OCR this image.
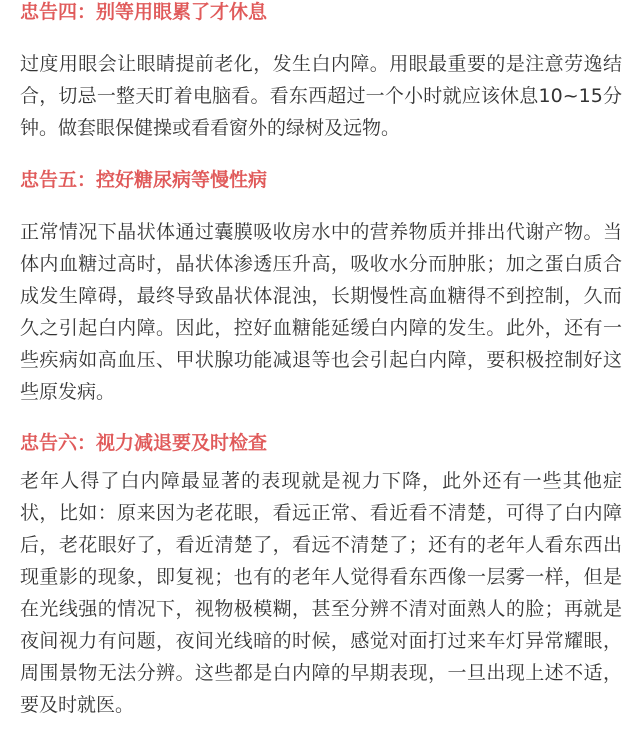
忠告四：别等用眼累了才休息

过度用眼会让眼睛提前老化，发生白内障。用眼最重要的是注意劳逸结合，切忌一整天盯着电脑看。看东西超过一个小时就应该休息10~15分钟。做套眼保健操或看看窗外的绿树及远物。

忠告五：控好糖尿病等慢性病

正常情况下晶状体通过囊膜吸收房水中的营养物质并排出代谢产物。当体内血糖过高时，晶状体渗透压升高，吸收水分而肿胀；加之蛋白质合成发生障碍，最终导致晶状体混浊，长期慢性高血糖得不到控制，久而久之引起白内障。因此，控好血糖能延缓白内障的发生。此外，还有一些疾病如高血压、甲状腺功能减退等也会引起白内障，要积极控制好这些原发病。

忠告六：视力减退要及时检查

老年人得了白内障最显著的表现就是视力下降，此外还有一些其他症状，比如：原来因为老花眼，看远正常、看近看不清楚，可得了白内障后，老花眼好了，看近清楚了，看远不清楚了；还有的老年人看东西出现重影的现象，即复视；也有的老年人觉得看东西像一层雾一样，但是在光线强的情况下，视物极模糊，甚至分辨不清对面熟人的脸；再就是夜间视力有问题，夜间光线暗的时候，感觉对面打过来车灯异常耀眼，周围景物无法分辨。这些都是白内障的早期表现，一旦出现上述不适，要及时就医。
